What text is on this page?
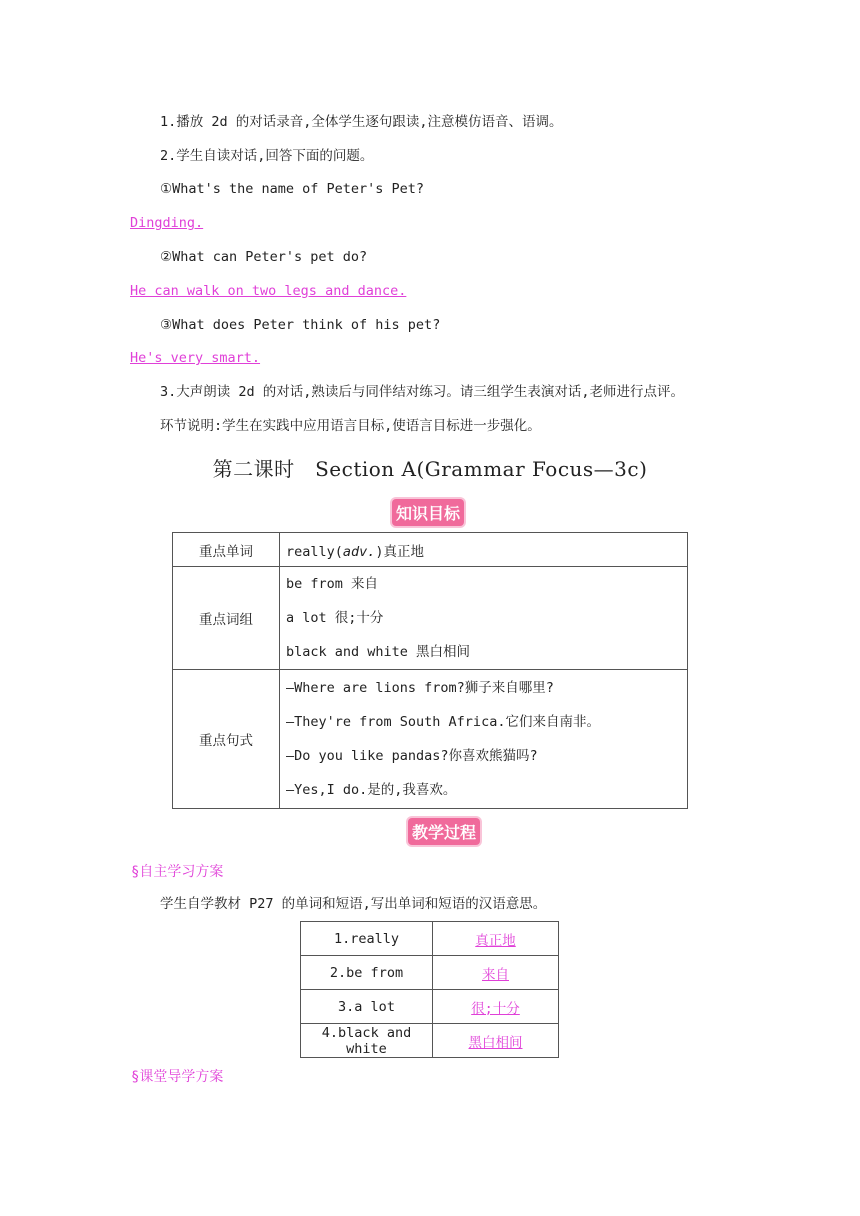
1.播放 2d 的对话录音,全体学生逐句跟读,注意模仿语音、语调。
2.学生自读对话,回答下面的问题。
①What's the name of Peter's Pet?
Dingding.
②What can Peter's pet do?
He can walk on two legs and dance.
③What does Peter think of his pet?
He's very smart.
3.大声朗读 2d 的对话,熟读后与同伴结对练习。请三组学生表演对话,老师进行点评。
环节说明:学生在实践中应用语言目标,使语言目标进一步强化。
第二课时　Section A(Grammar Focus—3c)
知识目标
重点单词	really(adv.)真正地
重点词组	be from 来自
a lot 很;十分
black and white 黑白相间

重点句式	—Where are lions from?狮子来自哪里?
—They're from South Africa.它们来自南非。
—Do you like pandas?你喜欢熊猫吗?
—Yes,I do.是的,我喜欢。
教学过程
§自主学习方案
学生自学教材 P27 的单词和短语,写出单词和短语的汉语意思。
1.really	真正地
2.be from	来自
3.a lot	很;十分
4.black and white	黑白相间
§课堂导学方案
